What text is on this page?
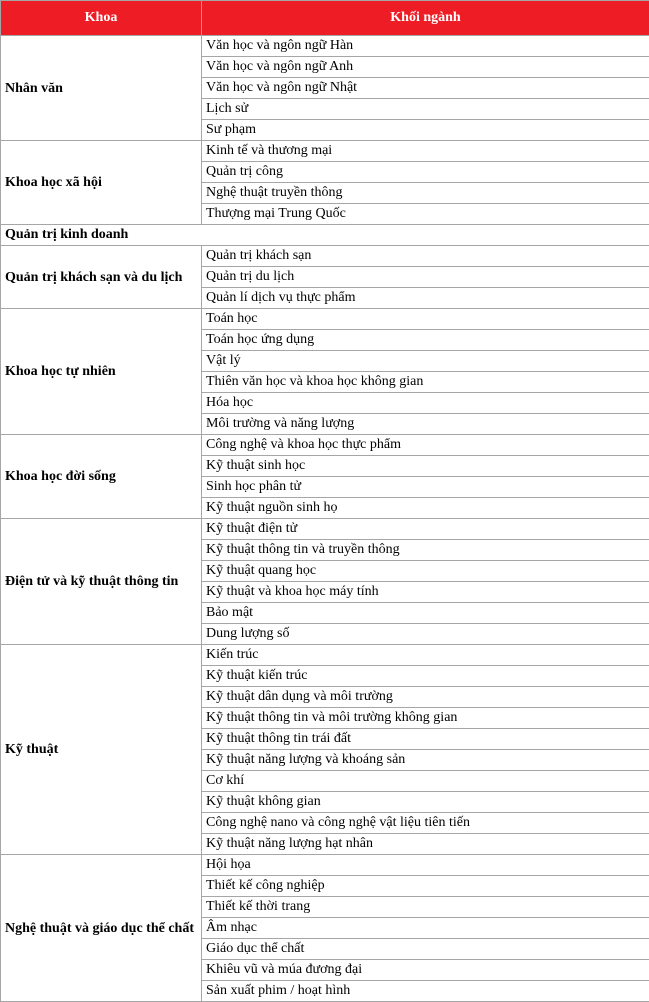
Khoa	Khối ngành
Nhân văn	Văn học và ngôn ngữ Hàn
	Văn học và ngôn ngữ Anh
	Văn học và ngôn ngữ Nhật
	Lịch sử
	Sư phạm
Khoa học xã hội	Kinh tế và thương mại
	Quản trị công
	Nghệ thuật truyền thông
	Thượng mại Trung Quốc
Quản trị kinh doanh	
Quản trị khách sạn và du lịch	Quản trị khách sạn
	Quản trị du lịch
	Quản lí dịch vụ thực phẩm
Khoa học tự nhiên	Toán học
	Toán học ứng dụng
	Vật lý
	Thiên văn học và khoa học không gian
	Hóa học
	Môi trường và năng lượng
Khoa học đời sống	Công nghệ và khoa học thực phẩm
	Kỹ thuật sinh học
	Sinh học phân tử
	Kỹ thuật nguồn sinh họ
Điện tử và kỹ thuật thông tin	Kỹ thuật điện tử
	Kỹ thuật thông tin và truyền thông
	Kỹ thuật quang học
	Kỹ thuật và khoa học máy tính
	Bảo mật
	Dung lượng số
Kỹ thuật	Kiến trúc
	Kỹ thuật kiến trúc
	Kỹ thuật dân dụng và môi trường
	Kỹ thuật thông tin và môi trường không gian
	Kỹ thuật thông tin trái đất
	Kỹ thuật năng lượng và khoáng sản
	Cơ khí
	Kỹ thuật không gian
	Công nghệ nano và công nghệ vật liệu tiên tiến
	Kỹ thuật năng lượng hạt nhân
Nghệ thuật và giáo dục thể chất	Hội họa
	Thiết kế công nghiệp
	Thiết kế thời trang
	Âm nhạc
	Giáo dục thể chất
	Khiêu vũ và múa đương đại
	Sản xuất phim / hoạt hình
